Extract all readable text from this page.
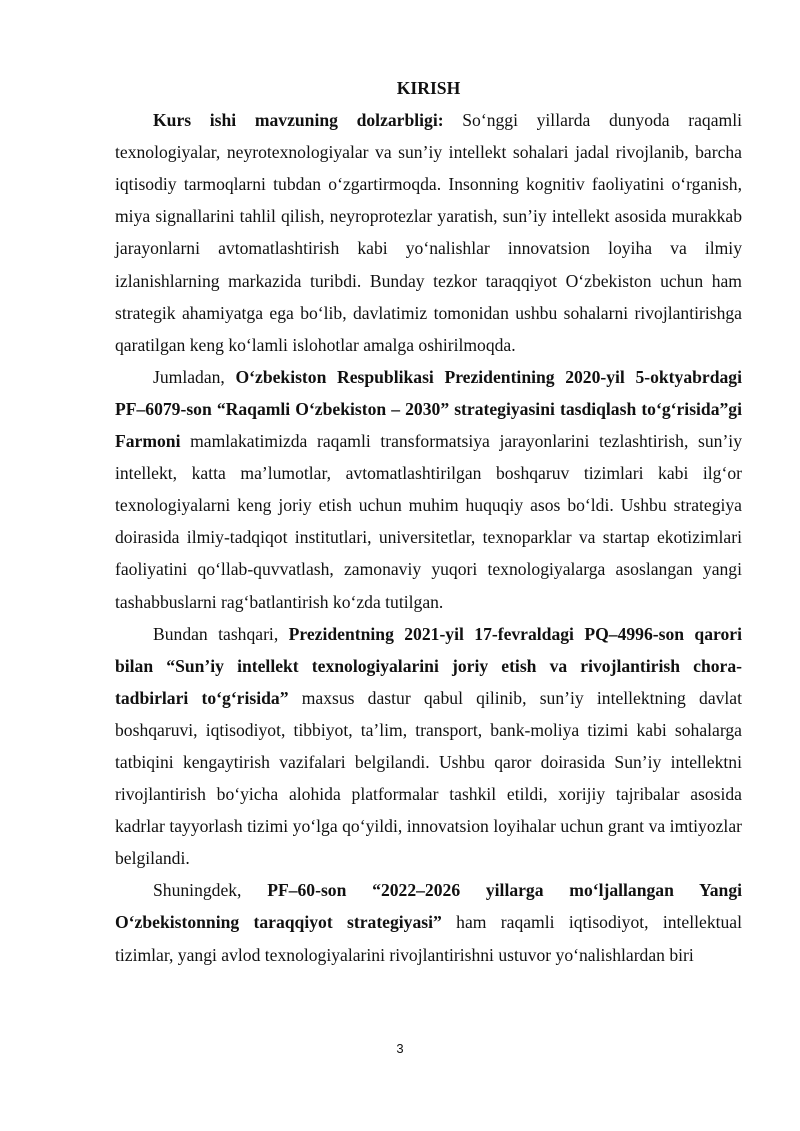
KIRISH

Kurs ishi mavzuning dolzarbligi: So‘nggi yillarda dunyoda raqamli texnologiyalar, neyrotexnologiyalar va sun’iy intellekt sohalari jadal rivojlanib, barcha iqtisodiy tarmoqlarni tubdan o‘zgartirmoqda. Insonning kognitiv faoliyatini o‘rganish, miya signallarini tahlil qilish, neyroprotezlar yaratish, sun’iy intellekt asosida murakkab jarayonlarni avtomatlashtirish kabi yo‘nalishlar innovatsion loyiha va ilmiy izlanishlarning markazida turibdi. Bunday tezkor taraqqiyot O‘zbekiston uchun ham strategik ahamiyatga ega bo‘lib, davlatimiz tomonidan ushbu sohalarni rivojlantirishga qaratilgan keng ko‘lamli islohotlar amalga oshirilmoqda.

Jumladan, O‘zbekiston Respublikasi Prezidentining 2020-yil 5-oktyabrdagi PF–6079-son “Raqamli O‘zbekiston – 2030” strategiyasini tasdiqlash to‘g‘risida”gi Farmoni mamlakatimizda raqamli transformatsiya jarayonlarini tezlashtirish, sun’iy intellekt, katta ma’lumotlar, avtomatlashtirilgan boshqaruv tizimlari kabi ilg‘or texnologiyalarni keng joriy etish uchun muhim huquqiy asos bo‘ldi. Ushbu strategiya doirasida ilmiy-tadqiqot institutlari, universitetlar, texnoparklar va startap ekotizimlari faoliyatini qo‘llab-quvvatlash, zamonaviy yuqori texnologiyalarga asoslangan yangi tashabbuslarni rag‘batlantirish ko‘zda tutilgan.

Bundan tashqari, Prezidentning 2021-yil 17-fevraldagi PQ–4996-son qarori bilan “Sun’iy intellekt texnologiyalarini joriy etish va rivojlantirish chora-tadbirlari to‘g‘risida” maxsus dastur qabul qilinib, sun’iy intellektning davlat boshqaruvi, iqtisodiyot, tibbiyot, ta’lim, transport, bank-moliya tizimi kabi sohalarga tatbiqini kengaytirish vazifalari belgilandi. Ushbu qaror doirasida Sun’iy intellektni rivojlantirish bo‘yicha alohida platformalar tashkil etildi, xorijiy tajribalar asosida kadrlar tayyorlash tizimi yo‘lga qo‘yildi, innovatsion loyihalar uchun grant va imtiyozlar belgilandi.

Shuningdek, PF–60-son “2022–2026 yillarga mo‘ljallangan Yangi O‘zbekistonning taraqqiyot strategiyasi” ham raqamli iqtisodiyot, intellektual tizimlar, yangi avlod texnologiyalarini rivojlantirishni ustuvor yo‘nalishlardan biri

3
